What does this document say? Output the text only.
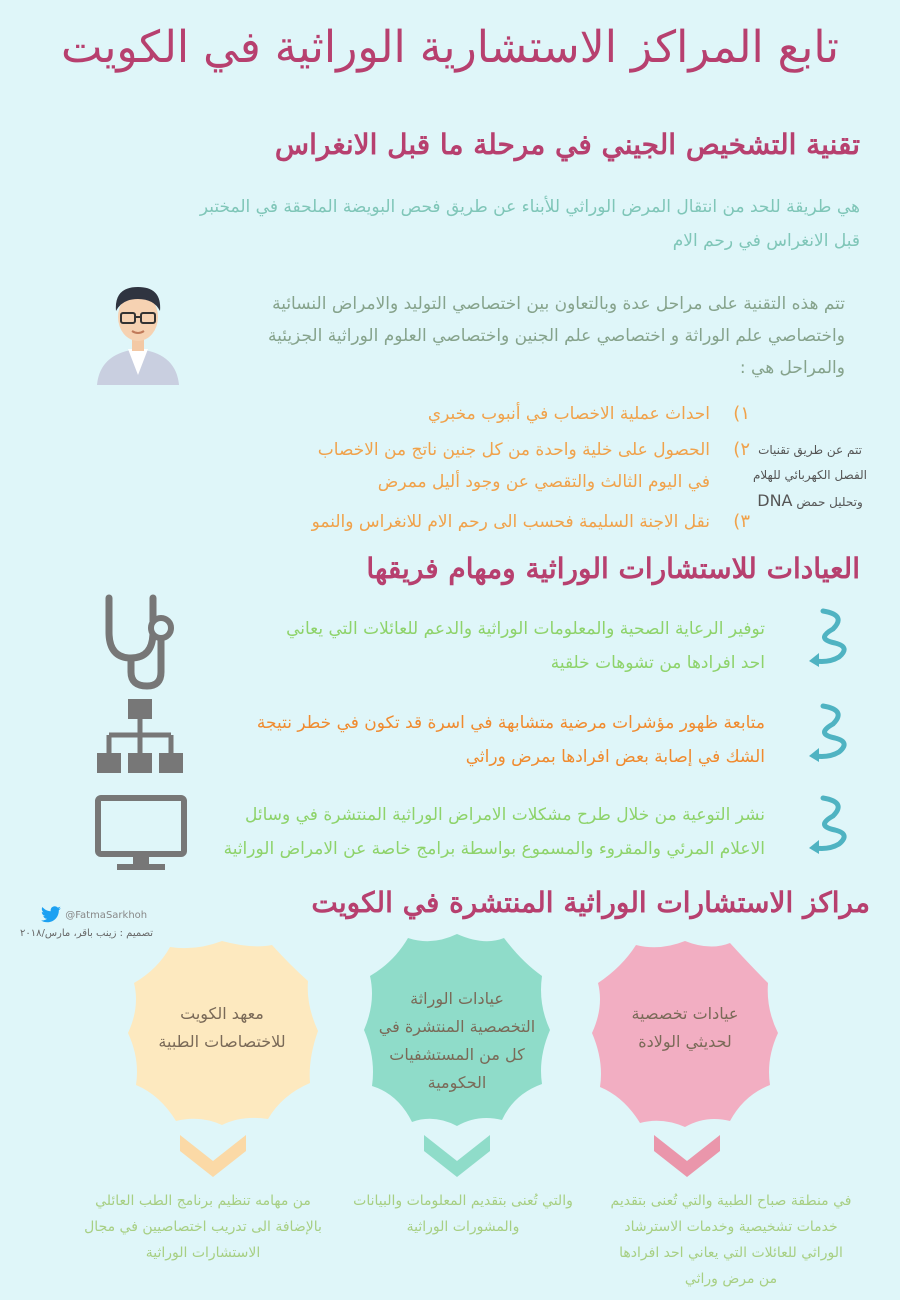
تابع المراكز الاستشارية الوراثية في الكويت
تقنية التشخيص الجيني في مرحلة ما قبل الانغراس
هي طريقة للحد من انتقال المرض الوراثي للأبناء عن طريق فحص البويضة الملحقة في المختبر
قبل الانغراس في رحم الام
تتم هذه التقنية على مراحل عدة وبالتعاون بين اختصاصي التوليد والامراض النسائية
واختصاصي علم الوراثة و اختصاصي علم الجنين واختصاصي العلوم الوراثية الجزيئية
والمراحل هي :
١)
احداث عملية الاخصاب في أنبوب مخبري
٢)
الحصول على خلية واحدة من كل جنين ناتج من الاخصاب
في اليوم الثالث والتقصي عن وجود أليل ممرض
٣)
نقل الاجنة السليمة فحسب الى رحم الام للانغراس والنمو
تتم عن طريق تقنيات
الفصل الكهربائي للهلام
وتحليل حمض DNA
العيادات للاستشارات الوراثية ومهام فريقها
توفير الرعاية الصحية والمعلومات الوراثية والدعم للعائلات التي يعاني
احد افرادها من تشوهات خلقية
متابعة ظهور مؤشرات مرضية متشابهة في اسرة قد تكون في خطر نتيجة
الشك في إصابة بعض افرادها بمرض وراثي
نشر التوعية من خلال طرح مشكلات الامراض الوراثية المنتشرة في وسائل
الاعلام المرئي والمقروء والمسموع بواسطة برامج خاصة عن الامراض الوراثية
مراكز الاستشارات الوراثية المنتشرة في الكويت
@FatmaSarkhoh
تصميم : زينب باقر، مارس/٢٠١٨
معهد الكويت
للاختصاصات الطبية
عيادات الوراثة
التخصصية المنتشرة في
كل من المستشفيات
الحكومية
عيادات تخصصية
لحديثي الولادة
من مهامه تنظيم برنامج الطب العائلي
بالإضافة الى تدريب اختصاصيين في مجال
الاستشارات الوراثية
والتي تُعنى بتقديم المعلومات والبيانات
والمشورات الوراثية
في منطقة صباح الطبية والتي تُعنى بتقديم
خدمات تشخيصية وخدمات الاسترشاد
الوراثي للعائلات التي يعاني احد افرادها
من مرض وراثي
